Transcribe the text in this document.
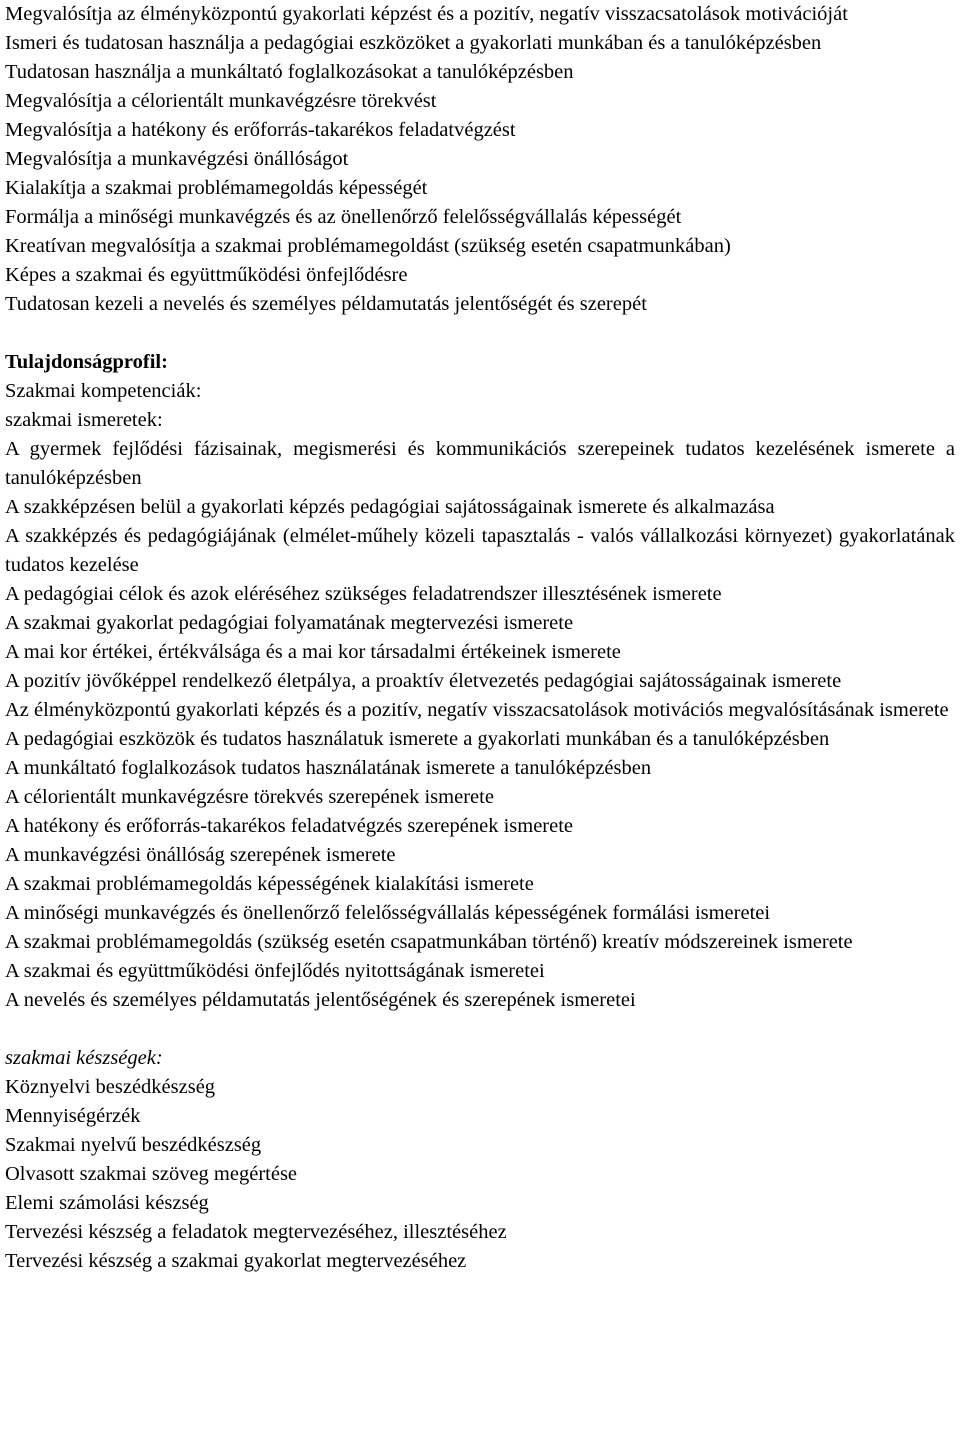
Megvalósítja az élményközpontú gyakorlati képzést és a pozitív, negatív visszacsatolások motivációját

Ismeri és tudatosan használja a pedagógiai eszközöket a gyakorlati munkában és a tanulóképzésben

Tudatosan használja a munkáltató foglalkozásokat a tanulóképzésben

Megvalósítja a célorientált munkavégzésre törekvést

Megvalósítja a hatékony és erőforrás-takarékos feladatvégzést

Megvalósítja a munkavégzési önállóságot

Kialakítja a szakmai problémamegoldás képességét

Formálja a minőségi munkavégzés és az önellenőrző felelősségvállalás képességét

Kreatívan megvalósítja a szakmai problémamegoldást (szükség esetén csapatmunkában)

Képes a szakmai és együttműködési önfejlődésre

Tudatosan kezeli a nevelés és személyes példamutatás jelentőségét és szerepét

Tulajdonságprofil:

Szakmai kompetenciák:

szakmai ismeretek:

A gyermek fejlődési fázisainak, megismerési és kommunikációs szerepeinek tudatos kezelésének ismerete a tanulóképzésben

A szakképzésen belül a gyakorlati képzés pedagógiai sajátosságainak ismerete és alkalmazása

A szakképzés és pedagógiájának (elmélet-műhely közeli tapasztalás - valós vállalkozási környezet) gyakorlatának tudatos kezelése

A pedagógiai célok és azok eléréséhez szükséges feladatrendszer illesztésének ismerete

A szakmai gyakorlat pedagógiai folyamatának megtervezési ismerete

A mai kor értékei, értékválsága és a mai kor társadalmi értékeinek ismerete

A pozitív jövőképpel rendelkező életpálya, a proaktív életvezetés pedagógiai sajátosságainak ismerete

Az élményközpontú gyakorlati képzés és a pozitív, negatív visszacsatolások motivációs megvalósításának ismerete

A pedagógiai eszközök és tudatos használatuk ismerete a gyakorlati munkában és a tanulóképzésben

A munkáltató foglalkozások tudatos használatának ismerete a tanulóképzésben

A célorientált munkavégzésre törekvés szerepének ismerete

A hatékony és erőforrás-takarékos feladatvégzés szerepének ismerete

A munkavégzési önállóság szerepének ismerete

A szakmai problémamegoldás képességének kialakítási ismerete

A minőségi munkavégzés és önellenőrző felelősségvállalás képességének formálási ismeretei

A szakmai problémamegoldás (szükség esetén csapatmunkában történő) kreatív módszereinek ismerete

A szakmai és együttműködési önfejlődés nyitottságának ismeretei

A nevelés és személyes példamutatás jelentőségének és szerepének ismeretei

szakmai készségek:

Köznyelvi beszédkészség

Mennyiségérzék

Szakmai nyelvű beszédkészség

Olvasott szakmai szöveg megértése

Elemi számolási készség

Tervezési készség a feladatok megtervezéséhez, illesztéséhez

Tervezési készség a szakmai gyakorlat megtervezéséhez
